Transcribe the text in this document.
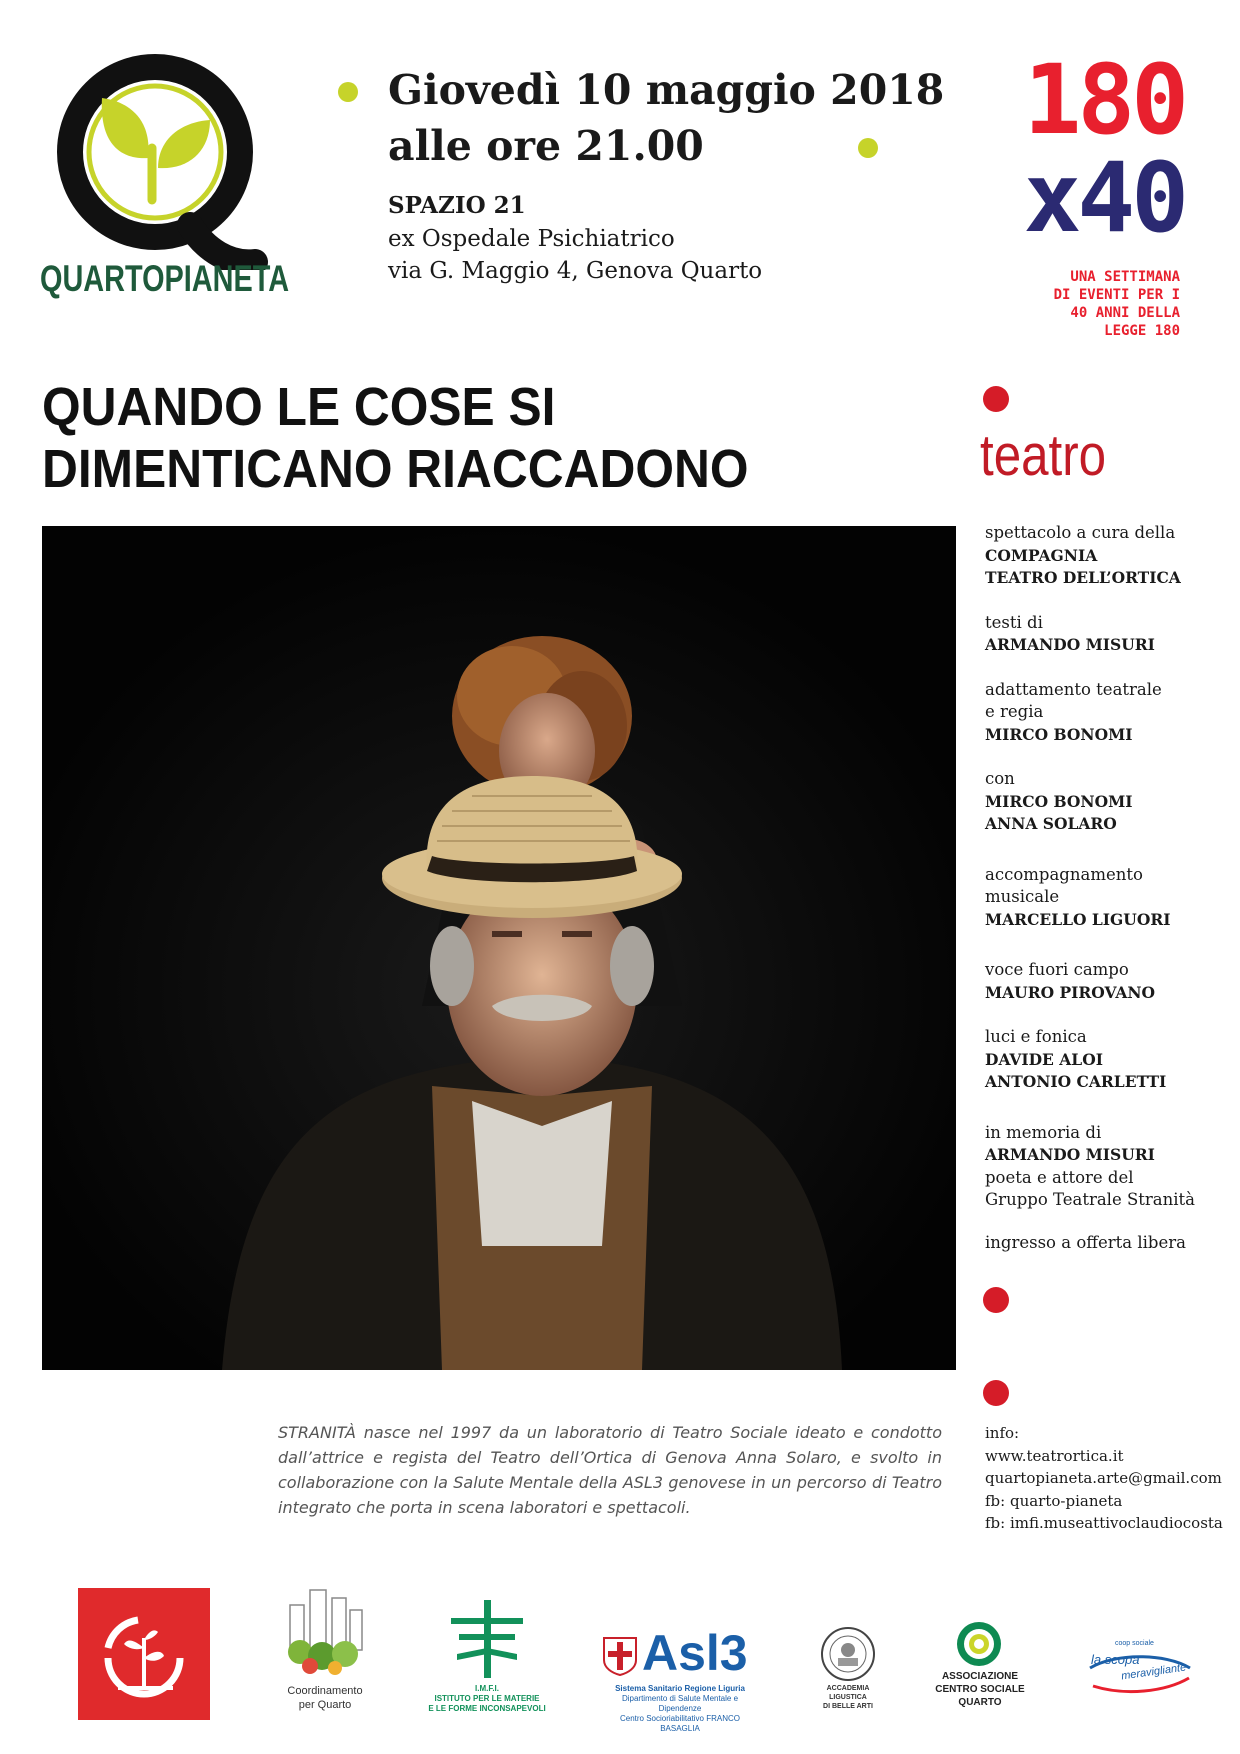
QUARTOPIANETA
Giovedì 10 maggio 2018
alle ore 21.00
SPAZIO 21
ex Ospedale Psichiatrico
via G. Maggio 4, Genova Quarto
180
x40
UNA SETTIMANA
DI EVENTI PER I
40 ANNI DELLA
LEGGE 180
QUANDO LE COSE SI
DIMENTICANO RIACCADONO	teatro
spettacolo a cura della
COMPAGNIA
TEATRO DELL’ORTICA
testi di
ARMANDO MISURI
adattamento teatrale
e regia
MIRCO BONOMI
con
MIRCO BONOMI
ANNA SOLARO
accompagnamento
musicale
MARCELLO LIGUORI
voce fuori campo
MAURO PIROVANO
luci e fonica
DAVIDE ALOI
ANTONIO CARLETTI
in memoria di
ARMANDO MISURI
poeta e attore del
Gruppo Teatrale Stranità
ingresso a offerta libera
info:
www.teatrortica.it
quartopianeta.arte@gmail.com
fb: quarto-pianeta
fb: imfi.museattivoclaudiocosta
STRANITÀ nasce nel 1997 da un laboratorio di Teatro Sociale ideato e condotto dall’attrice e regista del Teatro dell’Ortica di Genova Anna Solaro, e svolto in collaborazione con la Salute Mentale della ASL3 genovese in un percorso di Teatro integrato che porta in scena laboratori e spettacoli.
Coordinamento
per Quarto
I.M.F.I.
ISTITUTO PER LE MATERIE
E LE FORME INCONSAPEVOLI
Asl3
Sistema Sanitario Regione Liguria
Dipartimento di Salute Mentale e Dipendenze
Centro Socioriabilitativo FRANCO BASAGLIA
ACCADEMIA
LIGUSTICA
DI BELLE ARTI
ASSOCIAZIONE
CENTRO SOCIALE
QUARTO
coop sociale
la scopa
meravigliante
